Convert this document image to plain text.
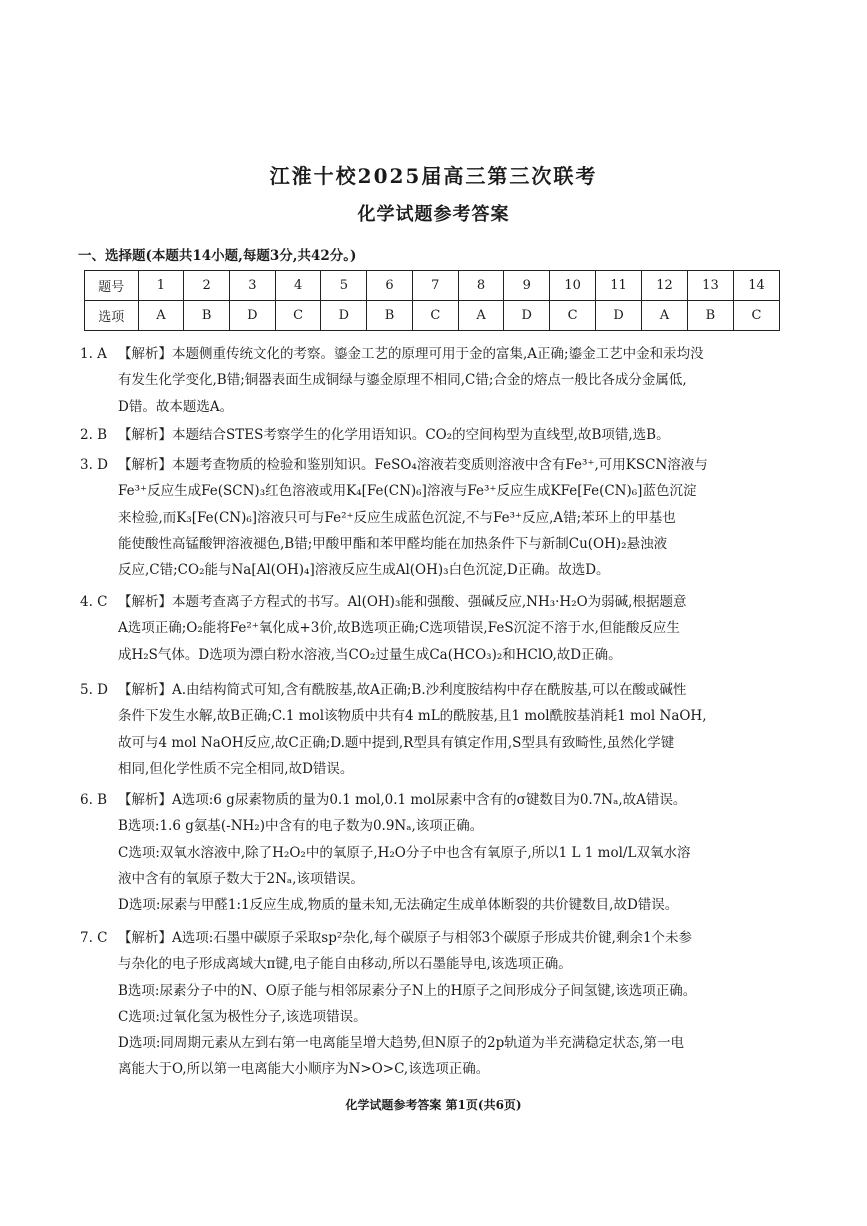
江淮十校2025届高三第三次联考
化学试题参考答案
一、选择题(本题共14小题,每题3分,共42分。)
题号	1	2	3	4	5	6	7	8	9	10	11	12	13	14
选项	A	B	D	C	D	B	C	A	D	C	D	A	B	C
1. A 【解析】本题侧重传统文化的考察。鎏金工艺的原理可用于金的富集,A正确;鎏金工艺中金和汞均没
有发生化学变化,B错;铜器表面生成铜绿与鎏金原理不相同,C错;合金的熔点一般比各成分金属低,
D错。故本题选A。
2. B 【解析】本题结合STES考察学生的化学用语知识。CO₂的空间构型为直线型,故B项错,选B。
3. D 【解析】本题考查物质的检验和鉴别知识。FeSO₄溶液若变质则溶液中含有Fe³⁺,可用KSCN溶液与
Fe³⁺反应生成Fe(SCN)₃红色溶液或用K₄[Fe(CN)₆]溶液与Fe³⁺反应生成KFe[Fe(CN)₆]蓝色沉淀
来检验,而K₃[Fe(CN)₆]溶液只可与Fe²⁺反应生成蓝色沉淀,不与Fe³⁺反应,A错;苯环上的甲基也
能使酸性高锰酸钾溶液褪色,B错;甲酸甲酯和苯甲醛均能在加热条件下与新制Cu(OH)₂悬浊液
反应,C错;CO₂能与Na[Al(OH)₄]溶液反应生成Al(OH)₃白色沉淀,D正确。故选D。
4. C 【解析】本题考查离子方程式的书写。Al(OH)₃能和强酸、强碱反应,NH₃·H₂O为弱碱,根据题意
A选项正确;O₂能将Fe²⁺氧化成+3价,故B选项正确;C选项错误,FeS沉淀不溶于水,但能酸反应生
成H₂S气体。D选项为漂白粉水溶液,当CO₂过量生成Ca(HCO₃)₂和HClO,故D正确。
5. D 【解析】A.由结构简式可知,含有酰胺基,故A正确;B.沙利度胺结构中存在酰胺基,可以在酸或碱性
条件下发生水解,故B正确;C.1 mol该物质中共有4 mL的酰胺基,且1 mol酰胺基消耗1 mol NaOH,
故可与4 mol NaOH反应,故C正确;D.题中提到,R型具有镇定作用,S型具有致畸性,虽然化学键
相同,但化学性质不完全相同,故D错误。
6. B 【解析】A选项:6 g尿素物质的量为0.1 mol,0.1 mol尿素中含有的σ键数目为0.7Nₐ,故A错误。
B选项:1.6 g氨基(-NH₂)中含有的电子数为0.9Nₐ,该项正确。
C选项:双氧水溶液中,除了H₂O₂中的氧原子,H₂O分子中也含有氧原子,所以1 L 1 mol/L双氧水溶
液中含有的氧原子数大于2Nₐ,该项错误。
D选项:尿素与甲醛1:1反应生成,物质的量未知,无法确定生成单体断裂的共价键数目,故D错误。
7. C 【解析】A选项:石墨中碳原子采取sp²杂化,每个碳原子与相邻3个碳原子形成共价键,剩余1个未参
与杂化的电子形成离域大π键,电子能自由移动,所以石墨能导电,该选项正确。
B选项:尿素分子中的N、O原子能与相邻尿素分子N上的H原子之间形成分子间氢键,该选项正确。
C选项:过氧化氢为极性分子,该选项错误。
D选项:同周期元素从左到右第一电离能呈增大趋势,但N原子的2p轨道为半充满稳定状态,第一电
离能大于O,所以第一电离能大小顺序为N>O>C,该选项正确。
化学试题参考答案 第1页(共6页)
